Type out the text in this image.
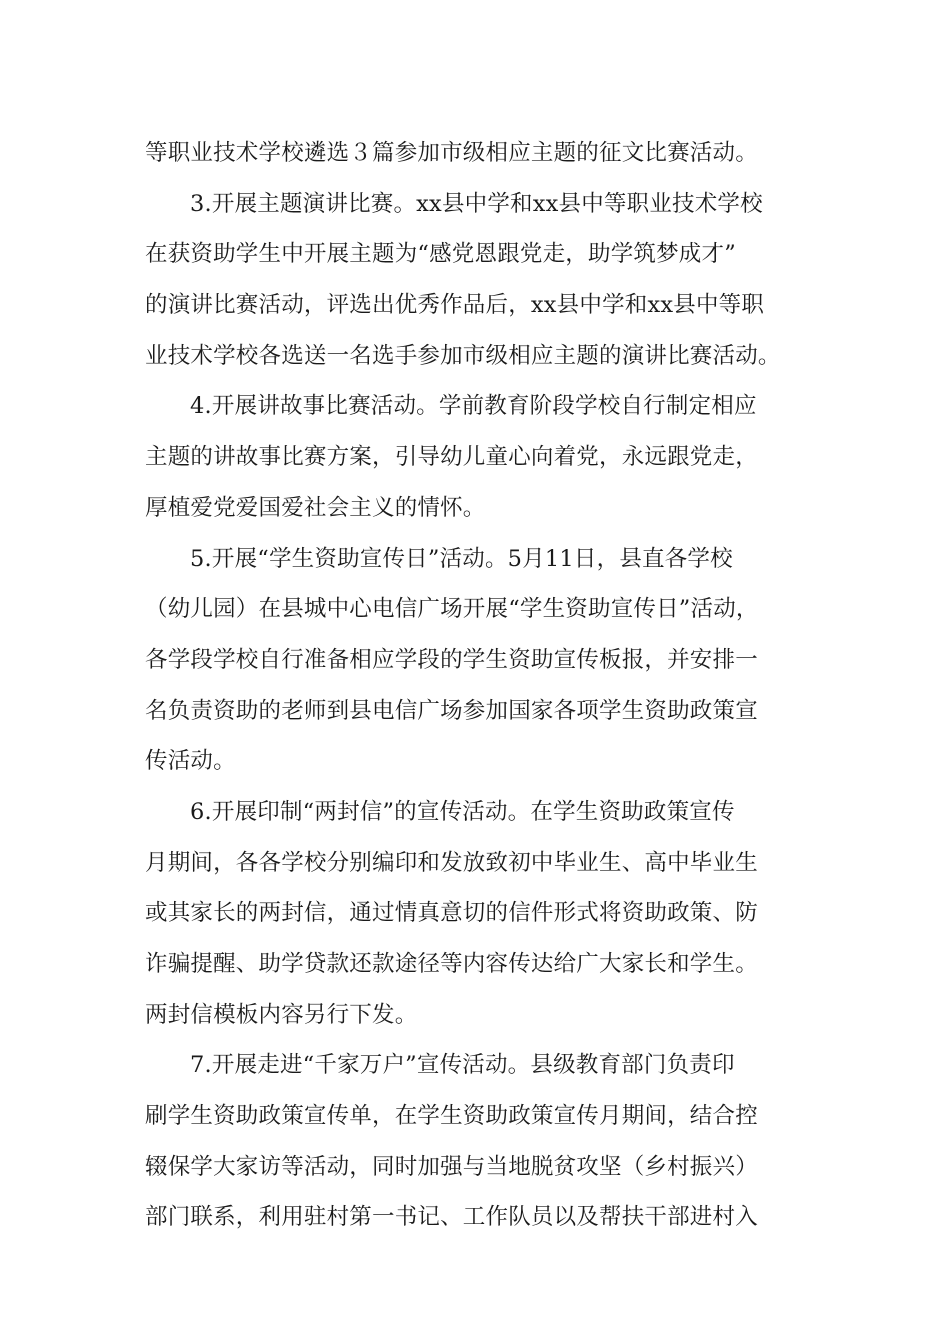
等职业技术学校遴选３篇参加市级相应主题的征文比赛活动。
3.开展主题演讲比赛。xx县中学和xx县中等职业技术学校
在获资助学生中开展主题为“感党恩跟党走，助学筑梦成才”
的演讲比赛活动，评选出优秀作品后，xx县中学和xx县中等职
业技术学校各选送一名选手参加市级相应主题的演讲比赛活动。
4.开展讲故事比赛活动。学前教育阶段学校自行制定相应
主题的讲故事比赛方案，引导幼儿童心向着党，永远跟党走，
厚植爱党爱国爱社会主义的情怀。
5.开展“学生资助宣传日”活动。5月11日，县直各学校
（幼儿园）在县城中心电信广场开展“学生资助宣传日”活动，
各学段学校自行准备相应学段的学生资助宣传板报，并安排一
名负责资助的老师到县电信广场参加国家各项学生资助政策宣
传活动。
6.开展印制“两封信”的宣传活动。在学生资助政策宣传
月期间，各各学校分别编印和发放致初中毕业生、高中毕业生
或其家长的两封信，通过情真意切的信件形式将资助政策、防
诈骗提醒、助学贷款还款途径等内容传达给广大家长和学生。
两封信模板内容另行下发。
7.开展走进“千家万户”宣传活动。县级教育部门负责印
刷学生资助政策宣传单，在学生资助政策宣传月期间，结合控
辍保学大家访等活动，同时加强与当地脱贫攻坚（乡村振兴）
部门联系，利用驻村第一书记、工作队员以及帮扶干部进村入
